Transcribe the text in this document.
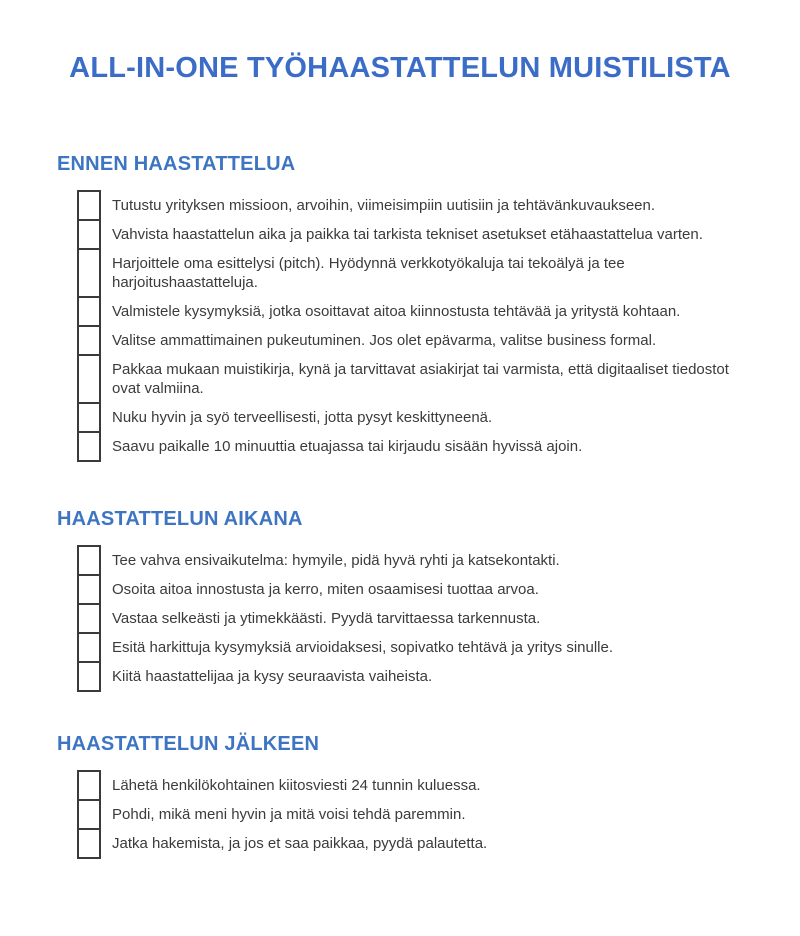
ALL-IN-ONE TYÖHAASTATTELUN MUISTILISTA
ENNEN HAASTATTELUA
Tutustu yrityksen missioon, arvoihin, viimeisimpiin uutisiin ja tehtävänkuvaukseen.
Vahvista haastattelun aika ja paikka tai tarkista tekniset asetukset etähaastattelua varten.
Harjoittele oma esittelysi (pitch). Hyödynnä verkkotyökaluja tai tekoälyä ja tee harjoitushaastatteluja.
Valmistele kysymyksiä, jotka osoittavat aitoa kiinnostusta tehtävää ja yritystä kohtaan.
Valitse ammattimainen pukeutuminen. Jos olet epävarma, valitse business formal.
Pakkaa mukaan muistikirja, kynä ja tarvittavat asiakirjat tai varmista, että digitaaliset tiedostot ovat valmiina.
Nuku hyvin ja syö terveellisesti, jotta pysyt keskittyneenä.
Saavu paikalle 10 minuuttia etuajassa tai kirjaudu sisään hyvissä ajoin.
HAASTATTELUN AIKANA
Tee vahva ensivaikutelma: hymyile, pidä hyvä ryhti ja katsekontakti.
Osoita aitoa innostusta ja kerro, miten osaamisesi tuottaa arvoa.
Vastaa selkeästi ja ytimekkäästi. Pyydä tarvittaessa tarkennusta.
Esitä harkittuja kysymyksiä arvioidaksesi, sopivatko tehtävä ja yritys sinulle.
Kiitä haastattelijaa ja kysy seuraavista vaiheista.
HAASTATTELUN JÄLKEEN
Lähetä henkilökohtainen kiitosviesti 24 tunnin kuluessa.
Pohdi, mikä meni hyvin ja mitä voisi tehdä paremmin.
Jatka hakemista, ja jos et saa paikkaa, pyydä palautetta.
